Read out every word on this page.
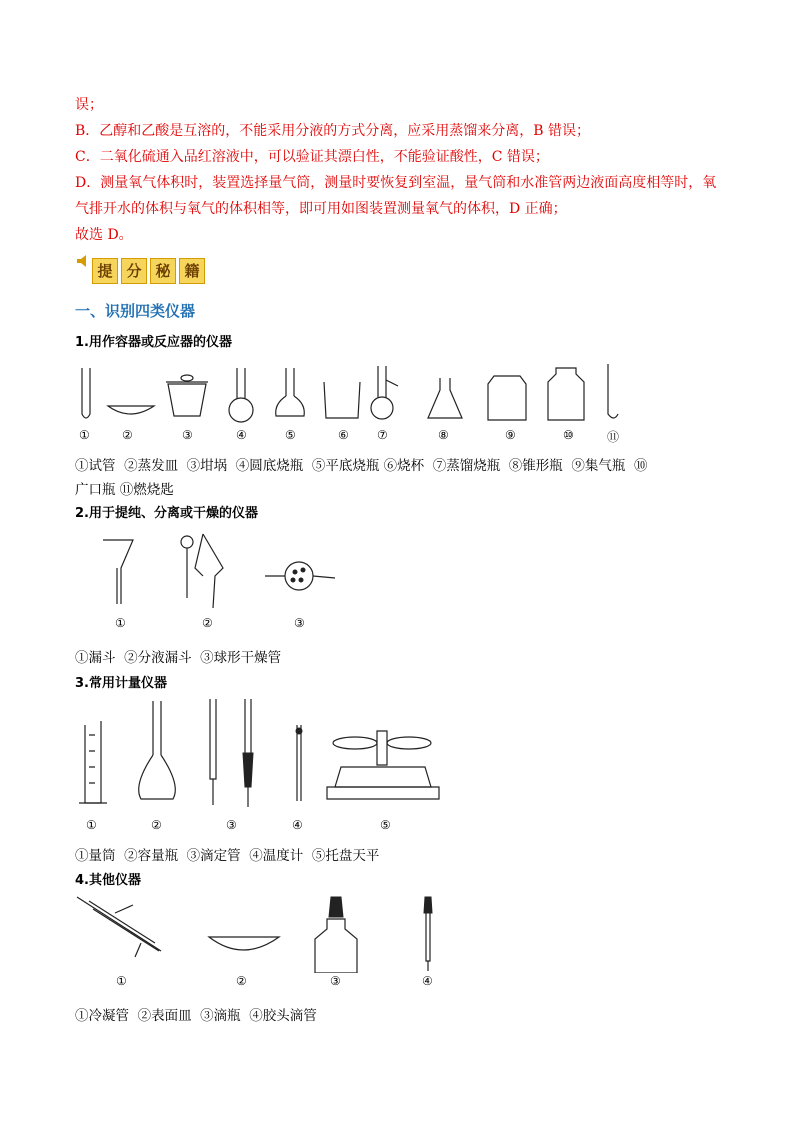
误；
B．乙醇和乙酸是互溶的，不能采用分液的方式分离，应采用蒸馏来分离，B 错误；
C．二氧化硫通入品红溶液中，可以验证其漂白性，不能验证酸性，C 错误；
D．测量氧气体积时，装置选择量气筒，测量时要恢复到室温，量气筒和水准管两边液面高度相等时，氧
气排开水的体积与氧气的体积相等，即可用如图装置测量氧气的体积，D 正确；
故选 D。
提 分 秘 籍
一、识别四类仪器
1.用作容器或反应器的仪器
①	②	③	④	⑤	⑥ ⑦	⑧	⑨	⑩	⑪
①试管  ②蒸发皿  ③坩埚  ④圆底烧瓶  ⑤平底烧瓶 ⑥烧杯  ⑦蒸馏烧瓶  ⑧锥形瓶  ⑨集气瓶  ⑩
广口瓶 ⑪燃烧匙
2.用于提纯、分离或干燥的仪器
①	②	③
①漏斗  ②分液漏斗  ③球形干燥管
3.常用计量仪器
①	②	③	④	⑤
①量筒  ②容量瓶  ③滴定管  ④温度计  ⑤托盘天平
4.其他仪器
①	②	③	④
①冷凝管  ②表面皿  ③滴瓶  ④胶头滴管
